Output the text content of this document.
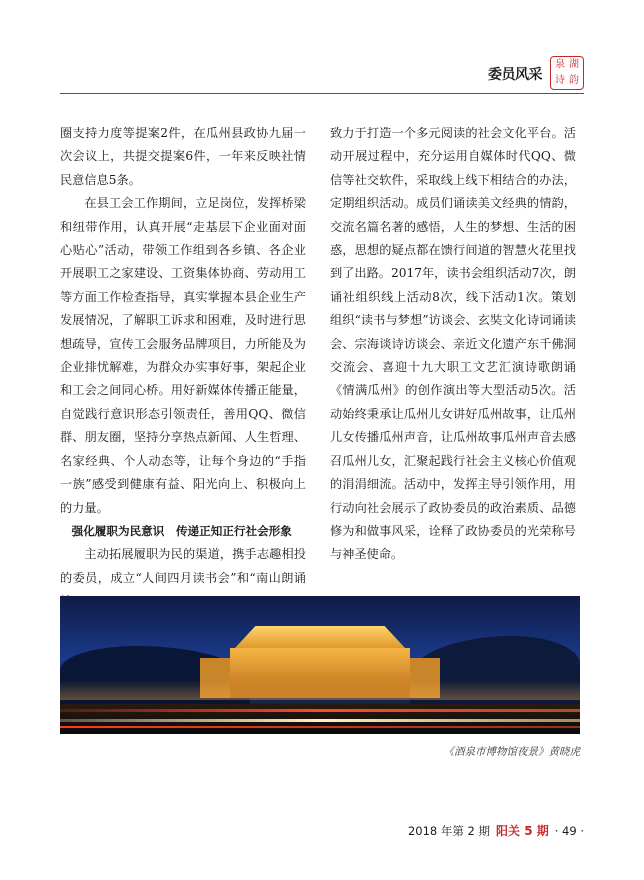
委员风采
泉 湖
诗 韵

圈支持力度等提案2件，在瓜州县政协九届一次会议上，共提交提案6件，一年来反映社情民意信息5条。

在县工会工作期间，立足岗位，发挥桥梁和纽带作用，认真开展“走基层下企业面对面心贴心”活动，带领工作组到各乡镇、各企业开展职工之家建设、工资集体协商、劳动用工等方面工作检查指导，真实掌握本县企业生产发展情况，了解职工诉求和困难，及时进行思想疏导，宣传工会服务品牌项目，力所能及为企业排忧解难，为群众办实事好事，架起企业和工会之间同心桥。用好新媒体传播正能量，自觉践行意识形态引领责任，善用QQ、微信群、朋友圈，坚持分享热点新闻、人生哲理、名家经典、个人动态等，让每个身边的“手指一族”感受到健康有益、阳光向上、积极向上的力量。

强化履职为民意识　传递正知正行社会形象

主动拓展履职为民的渠道，携手志趣相投的委员，成立“人间四月读书会”和“南山朗诵

致力于打造一个多元阅读的社会文化平台。活动开展过程中，充分运用自媒体时代QQ、微信等社交软件，采取线上线下相结合的办法，定期组织活动。成员们诵读美文经典的情韵，交流名篇名著的感悟，人生的梦想、生活的困惑，思想的疑点都在馈行间道的智慧火花里找到了出路。2017年，读书会组织活动7次，朗诵社组织线上活动8次，线下活动1次。策划组织“读书与梦想”访谈会、玄奘文化诗词诵读会、宗海谈诗访谈会、亲近文化遗产东千佛洞交流会、喜迎十九大职工文艺汇演诗歌朗诵《情满瓜州》的创作演出等大型活动5次。活动始终秉承让瓜州儿女讲好瓜州故事，让瓜州儿女传播瓜州声音，让瓜州故事瓜州声音去感召瓜州儿女，汇聚起践行社会主义核心价值观的涓涓细流。活动中，发挥主导引领作用，用行动向社会展示了政协委员的政治素质、品德修为和做事风采，诠释了政协委员的光荣称号与神圣使命。

《酒泉市博物馆夜景》黄晓虎
2018 年第 2 期 阳关 5 期 · 49 ·
